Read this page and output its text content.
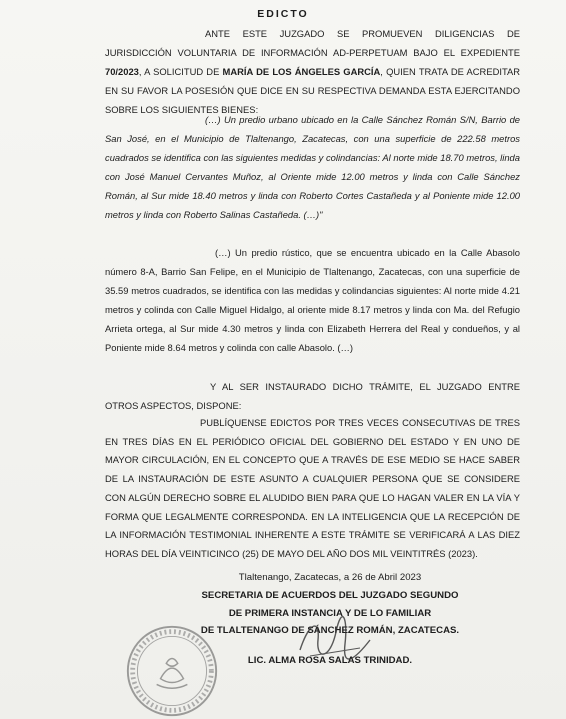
EDICTO
ANTE ESTE JUZGADO SE PROMUEVEN DILIGENCIAS DE JURISDICCIÓN VOLUNTARIA DE INFORMACIÓN AD-PERPETUAM BAJO EL EXPEDIENTE 70/2023, A SOLICITUD DE MARÍA DE LOS ÁNGELES GARCÍA, QUIEN TRATA DE ACREDITAR EN SU FAVOR LA POSESIÓN QUE DICE EN SU RESPECTIVA DEMANDA ESTA EJERCITANDO SOBRE LOS SIGUIENTES BIENES:
(…) Un predio urbano ubicado en la Calle Sánchez Román S/N, Barrio de San José, en el Municipio de Tlaltenango, Zacatecas, con una superficie de 222.58 metros cuadrados se identifica con las siguientes medidas y colindancias: Al norte mide 18.70 metros, linda con José Manuel Cervantes Muñoz, al Oriente mide 12.00 metros y linda con Calle Sánchez Román, al Sur mide 18.40 metros y linda con Roberto Cortes Castañeda y al Poniente mide 12.00 metros y linda con Roberto Salinas Castañeda. (…)"
(…) Un predio rústico, que se encuentra ubicado en la Calle Abasolo número 8-A, Barrio San Felipe, en el Municipio de Tlaltenango, Zacatecas, con una superficie de 35.59 metros cuadrados, se identifica con las medidas y colindancias siguientes: Al norte mide 4.21 metros y colinda con Calle Miguel Hidalgo, al oriente mide 8.17 metros y linda con Ma. del Refugio Arrieta ortega, al Sur mide 4.30 metros y linda con Elizabeth Herrera del Real y condueños, y al Poniente mide 8.64 metros y colinda con calle Abasolo. (…)
Y AL SER INSTAURADO DICHO TRÁMITE, EL JUZGADO ENTRE OTROS ASPECTOS, DISPONE:
PUBLÍQUENSE EDICTOS POR TRES VECES CONSECUTIVAS DE TRES EN TRES DÍAS EN EL PERIÓDICO OFICIAL DEL GOBIERNO DEL ESTADO Y EN UNO DE MAYOR CIRCULACIÓN, EN EL CONCEPTO QUE A TRAVÉS DE ESE MEDIO SE HACE SABER DE LA INSTAURACIÓN DE ESTE ASUNTO A CUALQUIER PERSONA QUE SE CONSIDERE CON ALGÚN DERECHO SOBRE EL ALUDIDO BIEN PARA QUE LO HAGAN VALER EN LA VÍA Y FORMA QUE LEGALMENTE CORRESPONDA. EN LA INTELIGENCIA QUE LA RECEPCIÓN DE LA INFORMACIÓN TESTIMONIAL INHERENTE A ESTE TRÁMITE SE VERIFICARÁ A LAS DIEZ HORAS DEL DÍA VEINTICINCO (25) DE MAYO DEL AÑO DOS MIL VEINTITRÉS (2023).
Tlaltenango, Zacatecas, a 26 de Abril 2023
SECRETARIA DE ACUERDOS DEL JUZGADO SEGUNDO
DE PRIMERA INSTANCIA Y DE LO FAMILIAR
DE TLALTENANGO DE SÁNCHEZ ROMÁN, ZACATECAS.
LIC. ALMA ROSA SALAS TRINIDAD.
